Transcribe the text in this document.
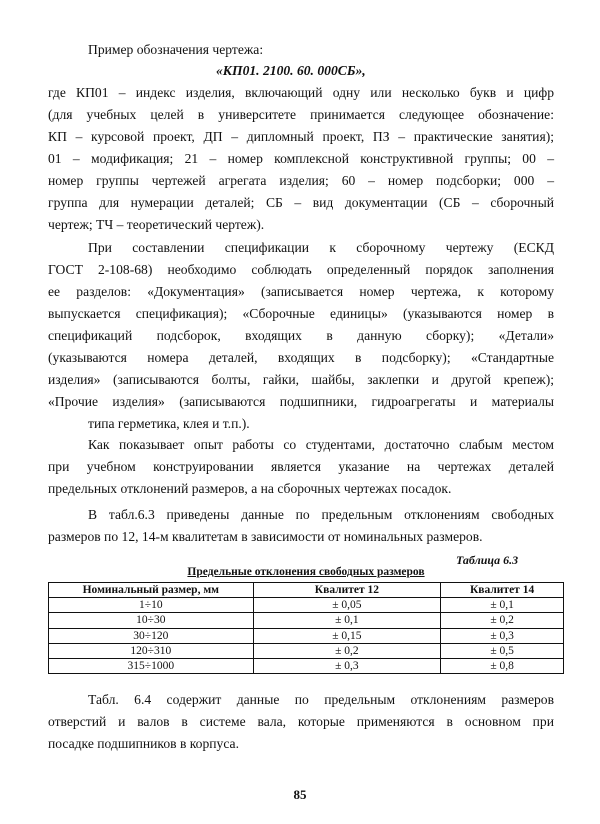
Пример обозначения чертежа:
«КП01. 2100. 60. 000СБ»,
где КП01 – индекс изделия, включающий одну или несколько букв и цифр
(для учебных целей в университете принимается следующее обозначение:
КП – курсовой проект, ДП – дипломный проект, ПЗ – практические занятия);
01 – модификация; 21 – номер комплексной конструктивной группы; 00 –
номер группы чертежей агрегата изделия; 60 – номер подсборки; 000 –
группа для нумерации деталей; СБ – вид документации (СБ – сборочный
чертеж; ТЧ – теоретический чертеж).
При составлении спецификации к сборочному чертежу (ЕСКД
ГОСТ 2-108-68) необходимо соблюдать определенный порядок заполнения
ее разделов: «Документация» (записывается номер чертежа, к которому
выпускается спецификация); «Сборочные единицы» (указываются номер в
спецификаций подсборок, входящих в данную сборку); «Детали»
(указываются номера деталей, входящих в подсборку); «Стандартные
изделия» (записываются болты, гайки, шайбы, заклепки и другой крепеж);
«Прочие изделия» (записываются подшипники, гидроагрегаты и материалы
типа герметика, клея и т.п.).
Как показывает опыт работы со студентами, достаточно слабым местом
при учебном конструировании является указание на чертежах деталей
предельных отклонений размеров, а на сборочных чертежах посадок.
В табл.6.3 приведены данные по предельным отклонениям свободных
размеров по 12, 14-м квалитетам в зависимости от номинальных размеров.
Таблица 6.3
Предельные отклонения свободных размеров
Номинальный размер, мм	Квалитет 12	Квалитет 14
1÷10	± 0,05	± 0,1
10÷30	± 0,1	± 0,2
30÷120	± 0,15	± 0,3
120÷310	± 0,2	± 0,5
315÷1000	± 0,3	± 0,8
Табл. 6.4 содержит данные по предельным отклонениям размеров
отверстий и валов в системе вала, которые применяются в основном при
посадке подшипников в корпуса.
85
